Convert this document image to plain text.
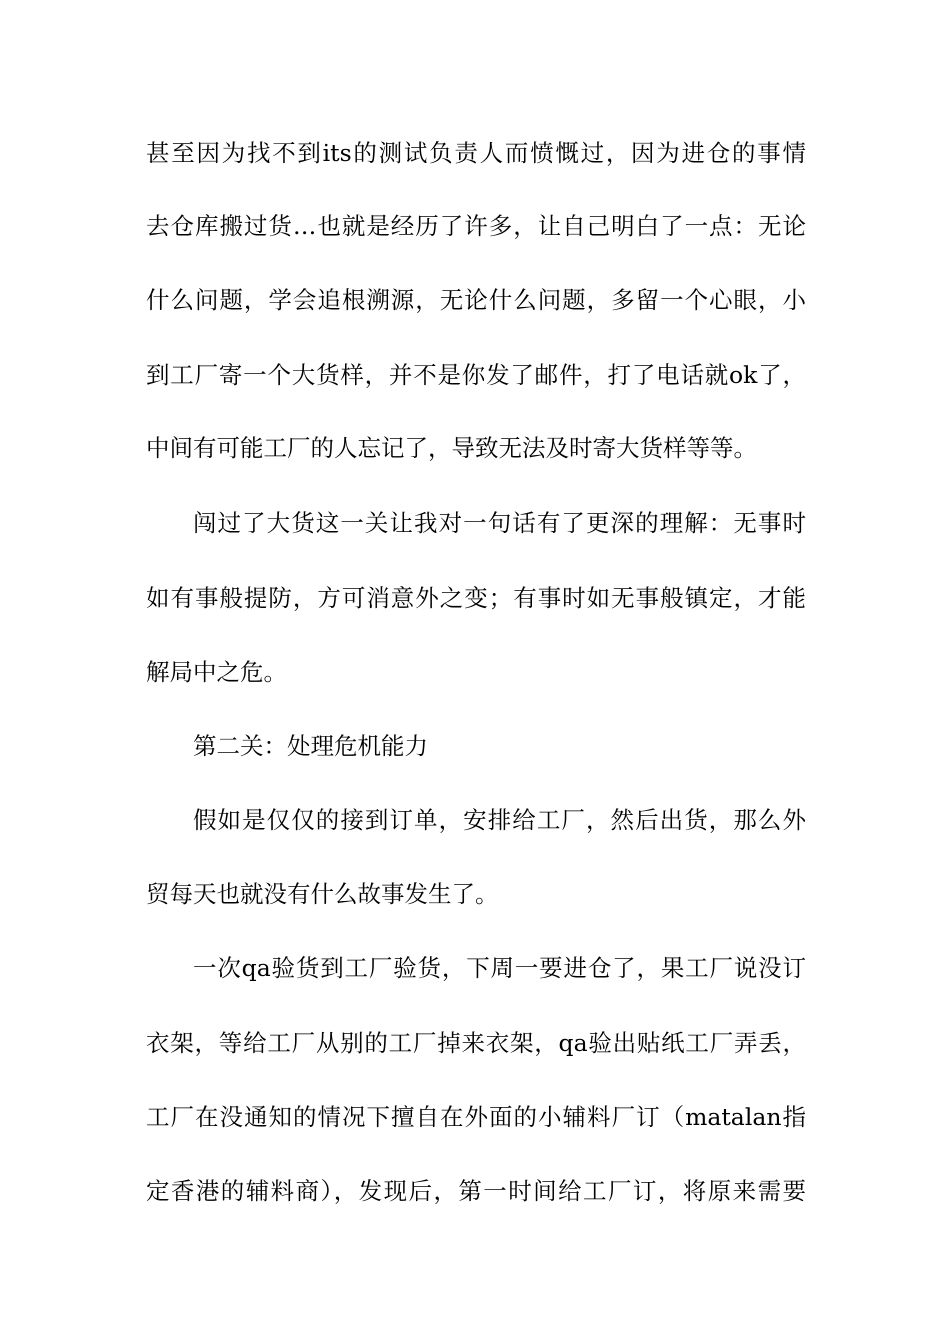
甚至因为找不到its的测试负责人而愤慨过，因为进仓的事情
去仓库搬过货…也就是经历了许多，让自己明白了一点：无论
什么问题，学会追根溯源，无论什么问题，多留一个心眼，小
到工厂寄一个大货样，并不是你发了邮件，打了电话就ok了，
中间有可能工厂的人忘记了，导致无法及时寄大货样等等。
闯过了大货这一关让我对一句话有了更深的理解：无事时
如有事般提防，方可消意外之变；有事时如无事般镇定，才能
解局中之危。
第二关：处理危机能力
假如是仅仅的接到订单，安排给工厂，然后出货，那么外
贸每天也就没有什么故事发生了。
一次qa验货到工厂验货，下周一要进仓了，果工厂说没订
衣架，等给工厂从别的工厂掉来衣架，qa验出贴纸工厂弄丢，
工厂在没通知的情况下擅自在外面的小辅料厂订（matalan指
定香港的辅料商），发现后，第一时间给工厂订，将原来需要
